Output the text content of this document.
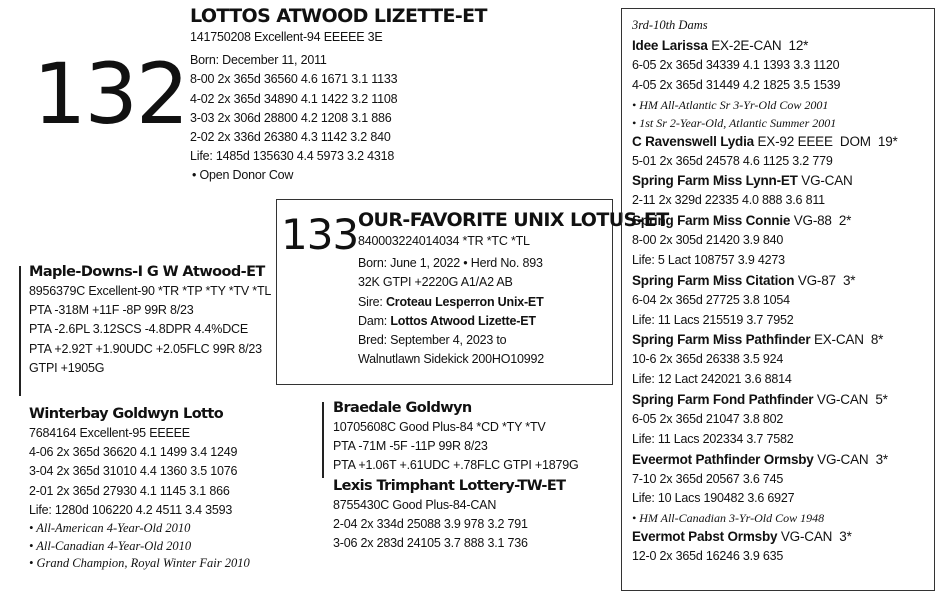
132
LOTTOS ATWOOD LIZETTE-ET
141750208 Excellent-94 EEEEE 3E
Born: December 11, 2011
8-00 2x 365d 36560 4.6 1671 3.1 1133
4-02 2x 365d 34890 4.1 1422 3.2 1108
3-03 2x 306d 28800 4.2 1208 3.1 886
2-02 2x 336d 26380 4.3 1142 3.2 840
Life: 1485d 135630 4.4 5973 3.2 4318
• Open Donor Cow
133 OUR-FAVORITE UNIX LOTUS-ET
840003224014034 *TR *TC *TL
Born: June 1, 2022 • Herd No. 893
32K GTPI +2220G A1/A2 AB
Sire: Croteau Lesperron Unix-ET
Dam: Lottos Atwood Lizette-ET
Bred: September 4, 2023 to
Walnutlawn Sidekick 200HO10992
Maple-Downs-I G W Atwood-ET
8956379C Excellent-90 *TR *TP *TY *TV *TL
PTA -318M +11F -8P 99R 8/23
PTA -2.6PL 3.12SCS -4.8DPR 4.4%DCE
PTA +2.92T +1.90UDC +2.05FLC 99R 8/23
GTPI +1905G
Winterbay Goldwyn Lotto
7684164 Excellent-95 EEEEE
4-06 2x 365d 36620 4.1 1499 3.4 1249
3-04 2x 365d 31010 4.4 1360 3.5 1076
2-01 2x 365d 27930 4.1 1145 3.1 866
Life: 1280d 106220 4.2 4511 3.4 3593
• All-American 4-Year-Old 2010
• All-Canadian 4-Year-Old 2010
• Grand Champion, Royal Winter Fair 2010
Braedale Goldwyn
10705608C Good Plus-84 *CD *TY *TV
PTA -71M -5F -11P 99R 8/23
PTA +1.06T +.61UDC +.78FLC GTPI +1879G
Lexis Trimphant Lottery-TW-ET
8755430C Good Plus-84-CAN
2-04 2x 334d 25088 3.9 978 3.2 791
3-06 2x 283d 24105 3.7 888 3.1 736
3rd-10th Dams
Idee Larissa EX-2E-CAN  12*
6-05 2x 365d 34339 4.1 1393 3.3 1120
4-05 2x 365d 31449 4.2 1825 3.5 1539
• HM All-Atlantic Sr 3-Yr-Old Cow 2001
• 1st Sr 2-Year-Old, Atlantic Summer 2001
C Ravenswell Lydia EX-92 EEEE  DOM  19*
5-01 2x 365d 24578 4.6 1125 3.2 779
Spring Farm Miss Lynn-ET VG-CAN
2-11 2x 329d 22335 4.0 888 3.6 811
Spring Farm Miss Connie VG-88  2*
8-00 2x 305d 21420 3.9 840
Life: 5 Lact 108757 3.9 4273
Spring Farm Miss Citation VG-87  3*
6-04 2x 365d 27725 3.8 1054
Life: 11 Lacs 215519 3.7 7952
Spring Farm Miss Pathfinder EX-CAN  8*
10-6 2x 365d 26338 3.5 924
Life: 12 Lact 242021 3.6 8814
Spring Farm Fond Pathfinder VG-CAN  5*
6-05 2x 365d 21047 3.8 802
Life: 11 Lacs 202334 3.7 7582
Eveermot Pathfinder Ormsby VG-CAN  3*
7-10 2x 365d 20567 3.6 745
Life: 10 Lacs 190482 3.6 6927
• HM All-Canadian 3-Yr-Old Cow 1948
Evermot Pabst Ormsby VG-CAN  3*
12-0 2x 365d 16246 3.9 635
